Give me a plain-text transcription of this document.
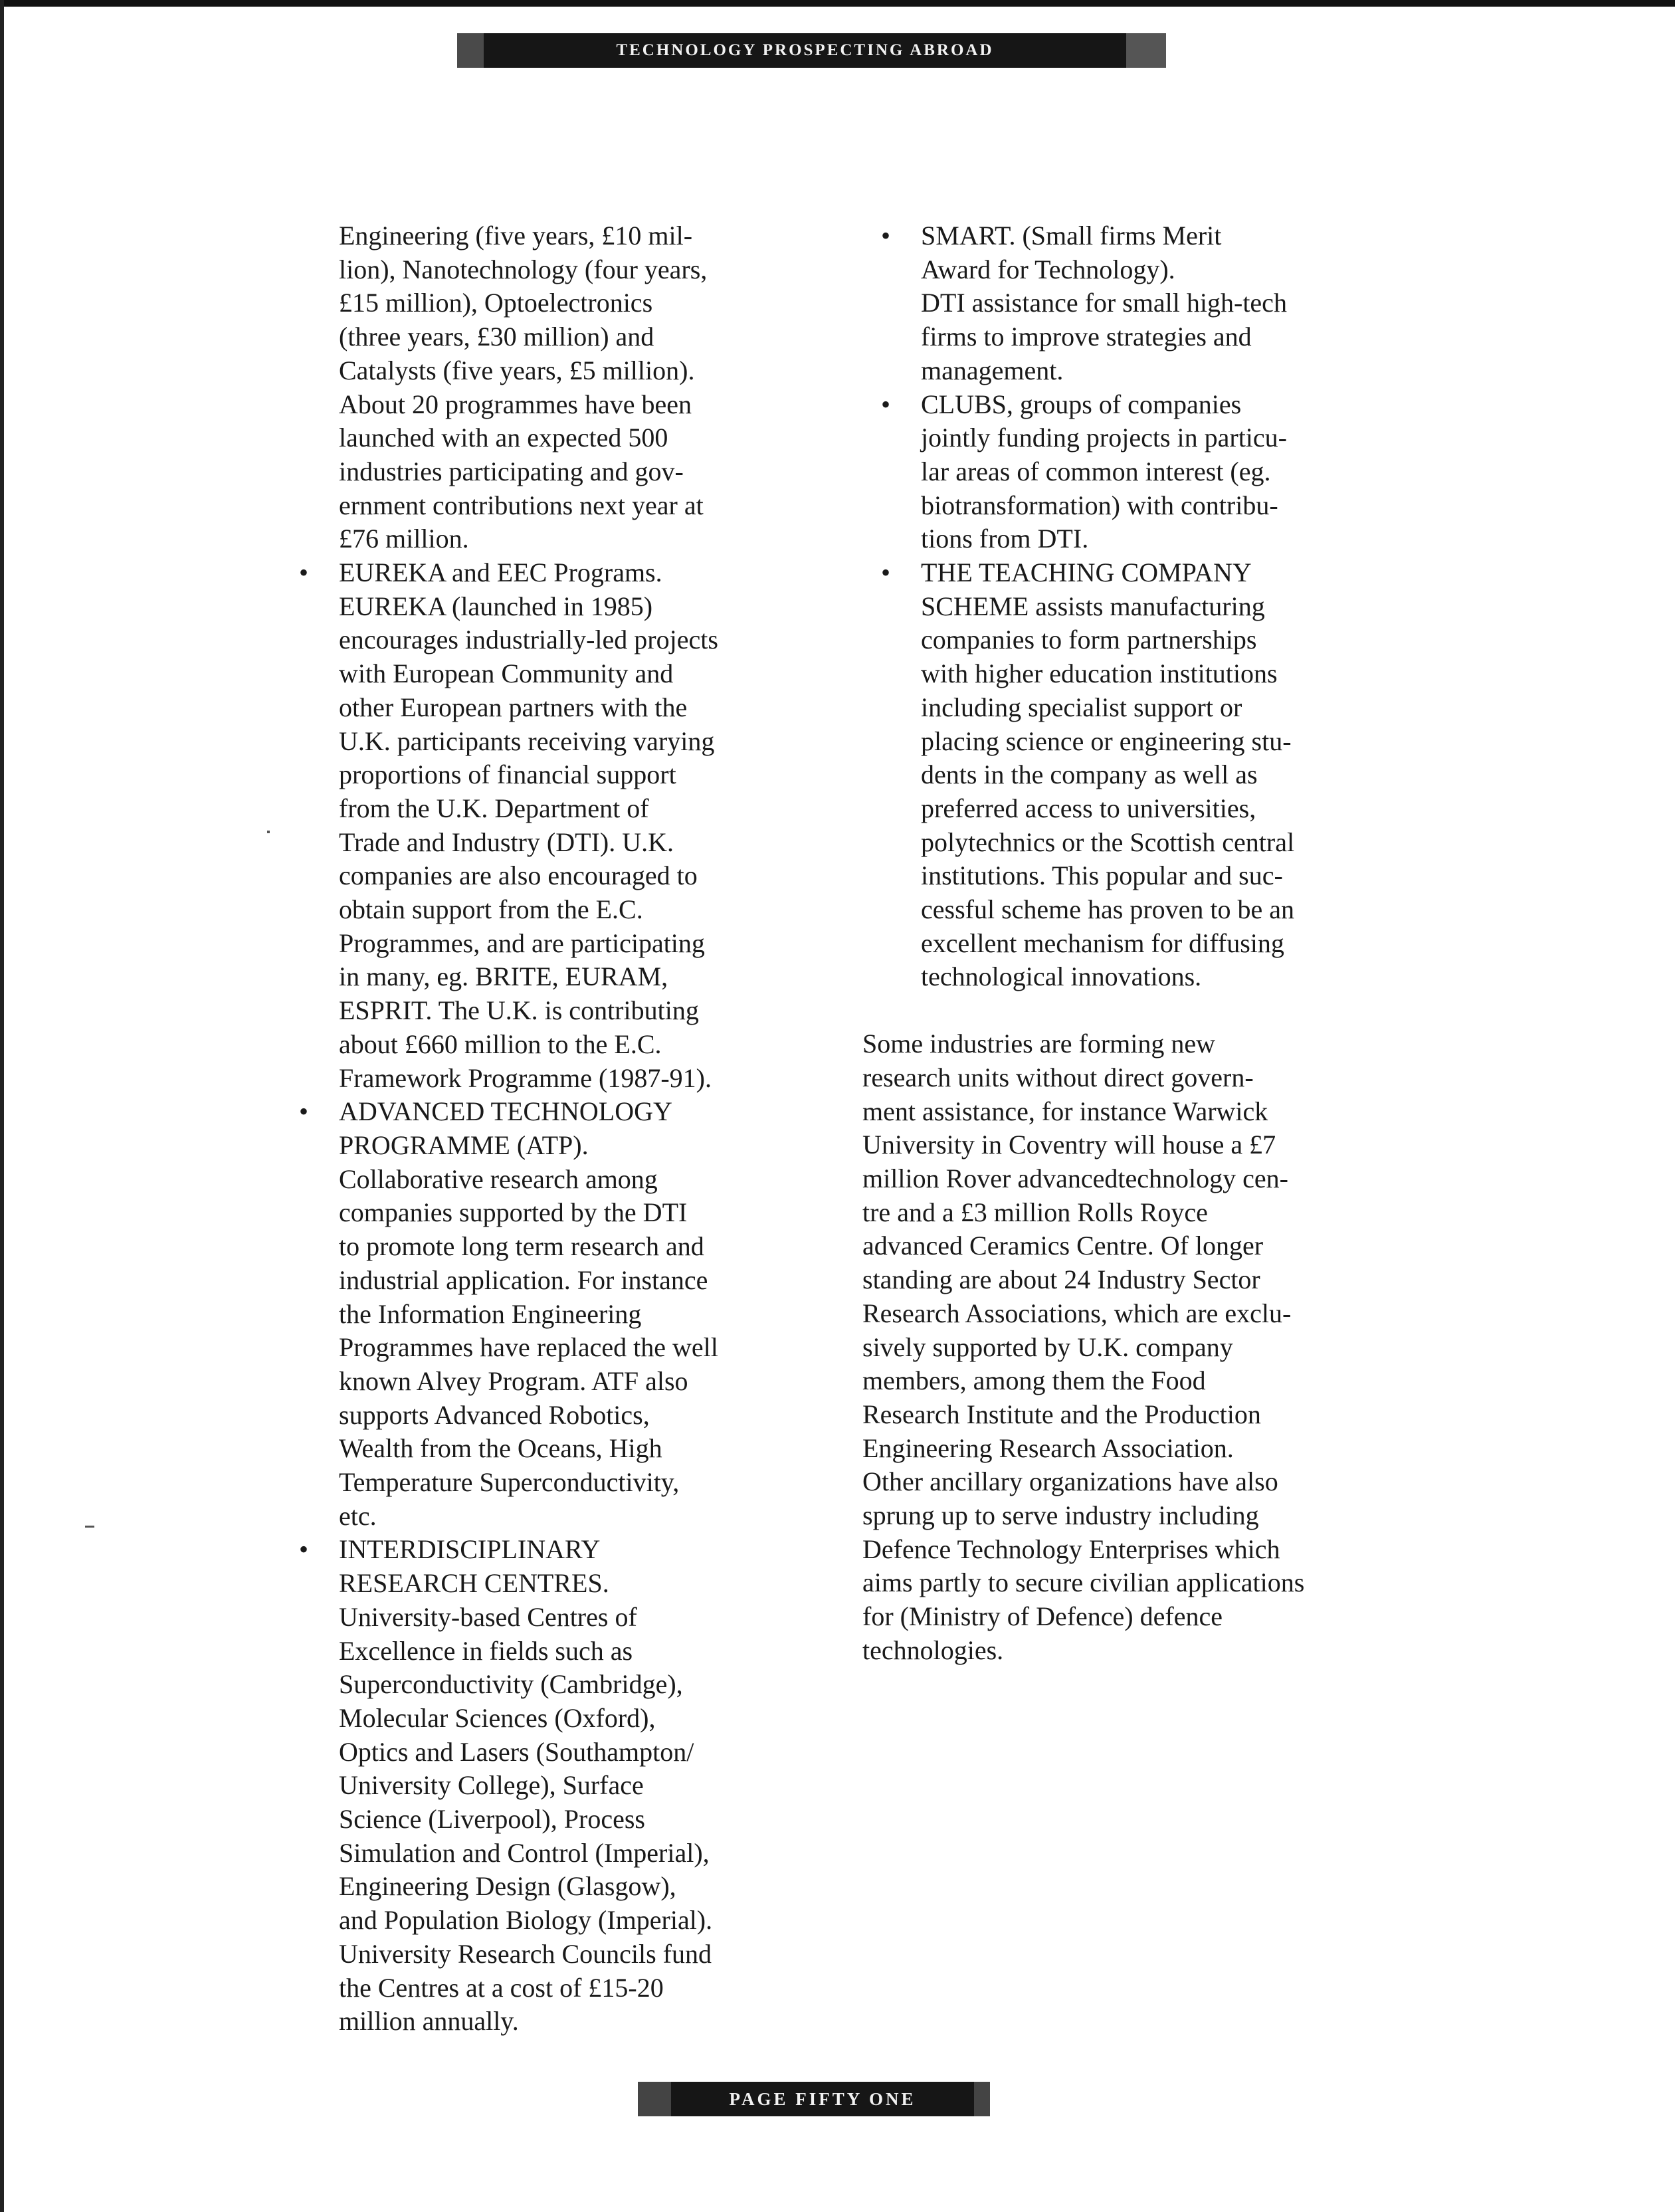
TECHNOLOGY PROSPECTING ABROAD

Engineering (five years, £10 mil-
lion), Nanotechnology (four years,
£15 million), Optoelectronics
(three years, £30 million) and
Catalysts (five years, £5 million).
About 20 programmes have been
launched with an expected 500
industries participating and gov-
ernment contributions next year at
£76 million.

• EUREKA and EEC Programs.
EUREKA (launched in 1985)
encourages industrially-led projects
with European Community and
other European partners with the
U.K. participants receiving varying
proportions of financial support
from the U.K. Department of
Trade and Industry (DTI). U.K.
companies are also encouraged to
obtain support from the E.C.
Programmes, and are participating
in many, eg. BRITE, EURAM,
ESPRIT. The U.K. is contributing
about £660 million to the E.C.
Framework Programme (1987-91).
• ADVANCED TECHNOLOGY
PROGRAMME (ATP).
Collaborative research among
companies supported by the DTI
to promote long term research and
industrial application. For instance
the Information Engineering
Programmes have replaced the well
known Alvey Program. ATF also
supports Advanced Robotics,
Wealth from the Oceans, High
Temperature Superconductivity,
etc.
• INTERDISCIPLINARY
RESEARCH CENTRES.
University-based Centres of
Excellence in fields such as
Superconductivity (Cambridge),
Molecular Sciences (Oxford),
Optics and Lasers (Southampton/
University College), Surface
Science (Liverpool), Process
Simulation and Control (Imperial),
Engineering Design (Glasgow),
and Population Biology (Imperial).
University Research Councils fund
the Centres at a cost of £15-20
million annually.
• SMART. (Small firms Merit
Award for Technology).
DTI assistance for small high-tech
firms to improve strategies and
management.
• CLUBS, groups of companies
jointly funding projects in particu-
lar areas of common interest (eg.
biotransformation) with contribu-
tions from DTI.
• THE TEACHING COMPANY
SCHEME assists manufacturing
companies to form partnerships
with higher education institutions
including specialist support or
placing science or engineering stu-
dents in the company as well as
preferred access to universities,
polytechnics or the Scottish central
institutions. This popular and suc-
cessful scheme has proven to be an
excellent mechanism for diffusing
technological innovations.

Some industries are forming new
research units without direct govern-
ment assistance, for instance Warwick
University in Coventry will house a £7
million Rover advancedtechnology cen-
tre and a £3 million Rolls Royce
advanced Ceramics Centre. Of longer
standing are about 24 Industry Sector
Research Associations, which are exclu-
sively supported by U.K. company
members, among them the Food
Research Institute and the Production
Engineering Research Association.
Other ancillary organizations have also
sprung up to serve industry including
Defence Technology Enterprises which
aims partly to secure civilian applications
for (Ministry of Defence) defence
technologies.

PAGE FIFTY ONE
